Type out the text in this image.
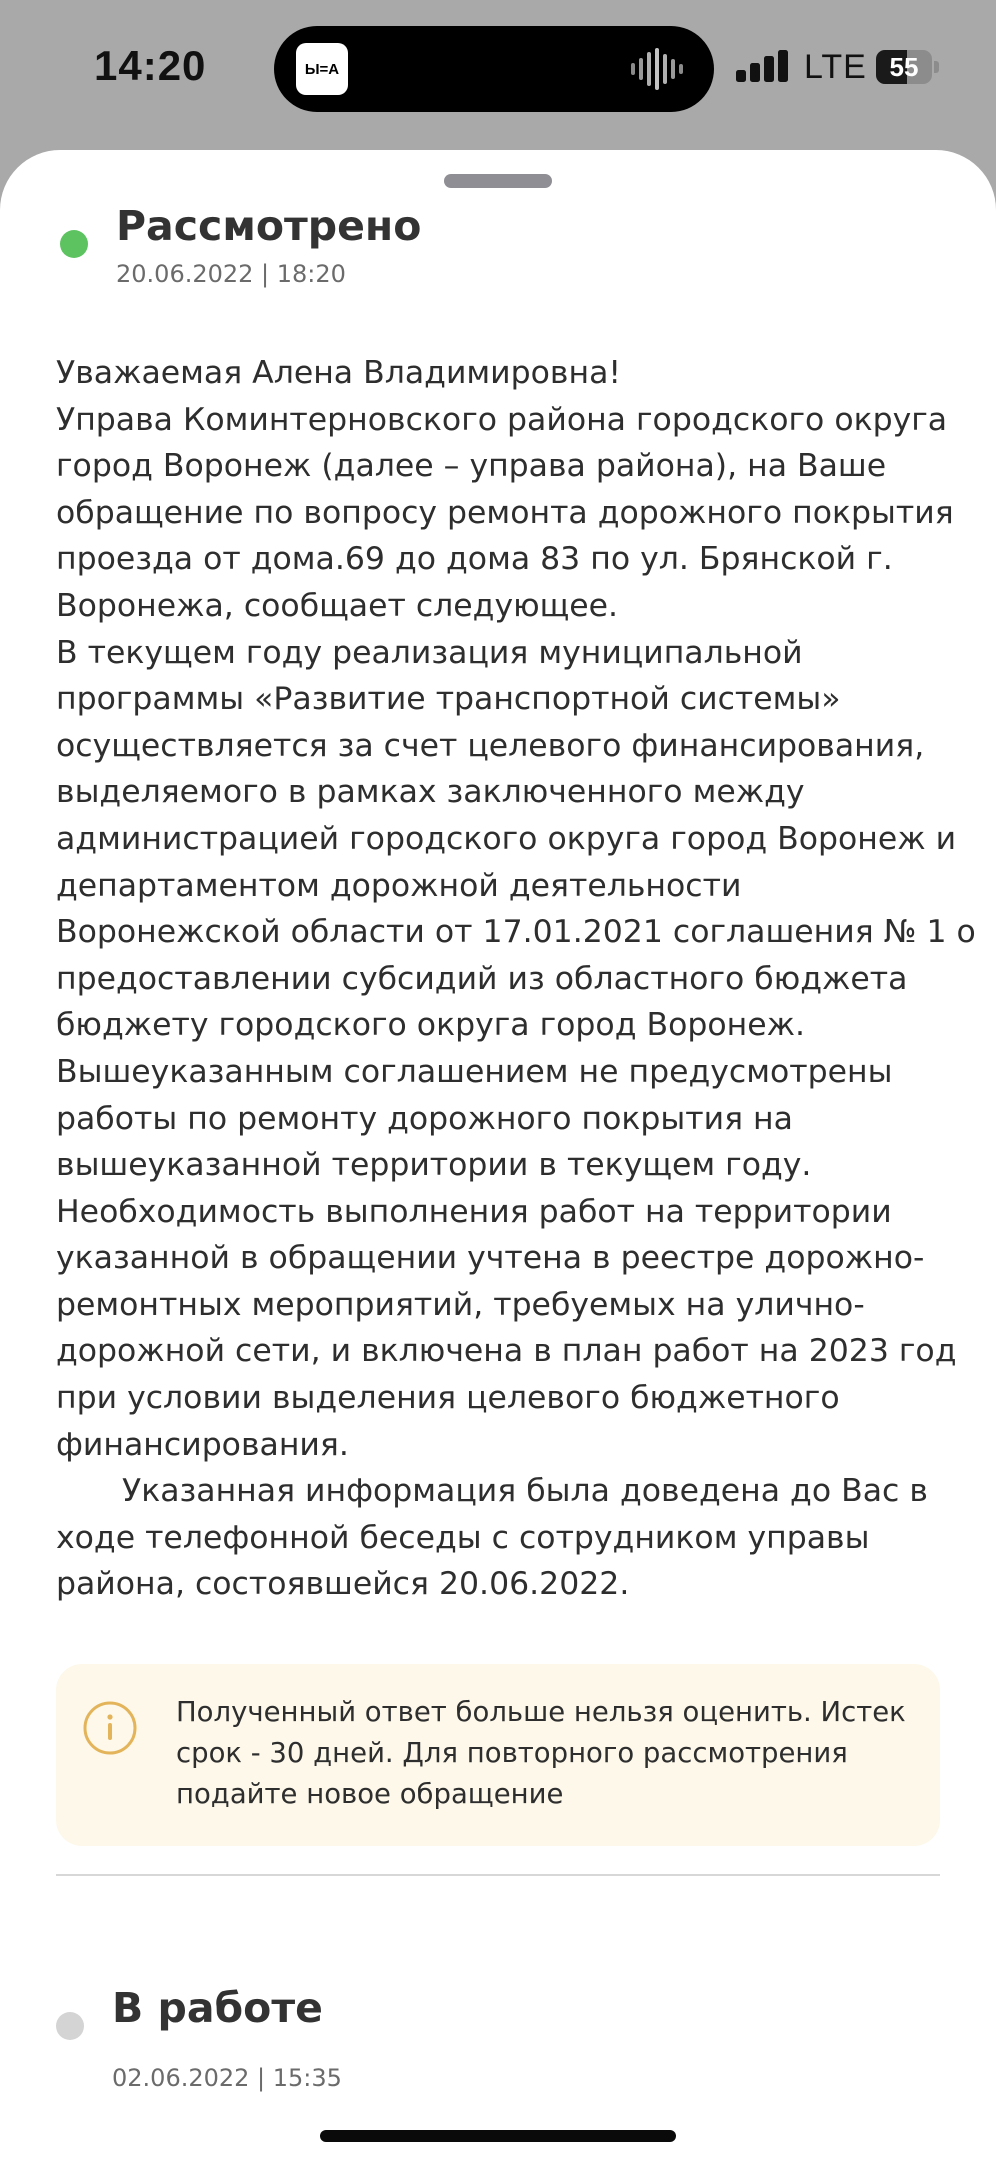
14:20	Ы=А	LTE 55
Рассмотрено
20.06.2022 | 18:20
Уважаемая Алена Владимировна!
Управа Коминтерновского района городского округа
город Воронеж (далее – управа района), на Ваше
обращение по вопросу ремонта дорожного покрытия
проезда от дома.69 до дома 83 по ул. Брянской г.
Воронежа, сообщает следующее.
В текущем году реализация муниципальной
программы «Развитие транспортной системы»
осуществляется за счет целевого финансирования,
выделяемого в рамках заключенного между
администрацией городского округа город Воронеж и
департаментом дорожной деятельности
Воронежской области от 17.01.2021 соглашения № 1 о
предоставлении субсидий из областного бюджета
бюджету городского округа город Воронеж.
Вышеуказанным соглашением не предусмотрены
работы по ремонту дорожного покрытия на
вышеуказанной территории в текущем году.
Необходимость выполнения работ на территории
указанной в обращении учтена в реестре дорожно-
ремонтных мероприятий, требуемых на улично-
дорожной сети, и включена в план работ на 2023 год
при условии выделения целевого бюджетного
финансирования.
Указанная информация была доведена до Вас в
ходе телефонной беседы с сотрудником управы
района, состоявшейся 20.06.2022.
Полученный ответ больше нельзя оценить. Истек
срок - 30 дней. Для повторного рассмотрения
подайте новое обращение
В работе
02.06.2022 | 15:35
